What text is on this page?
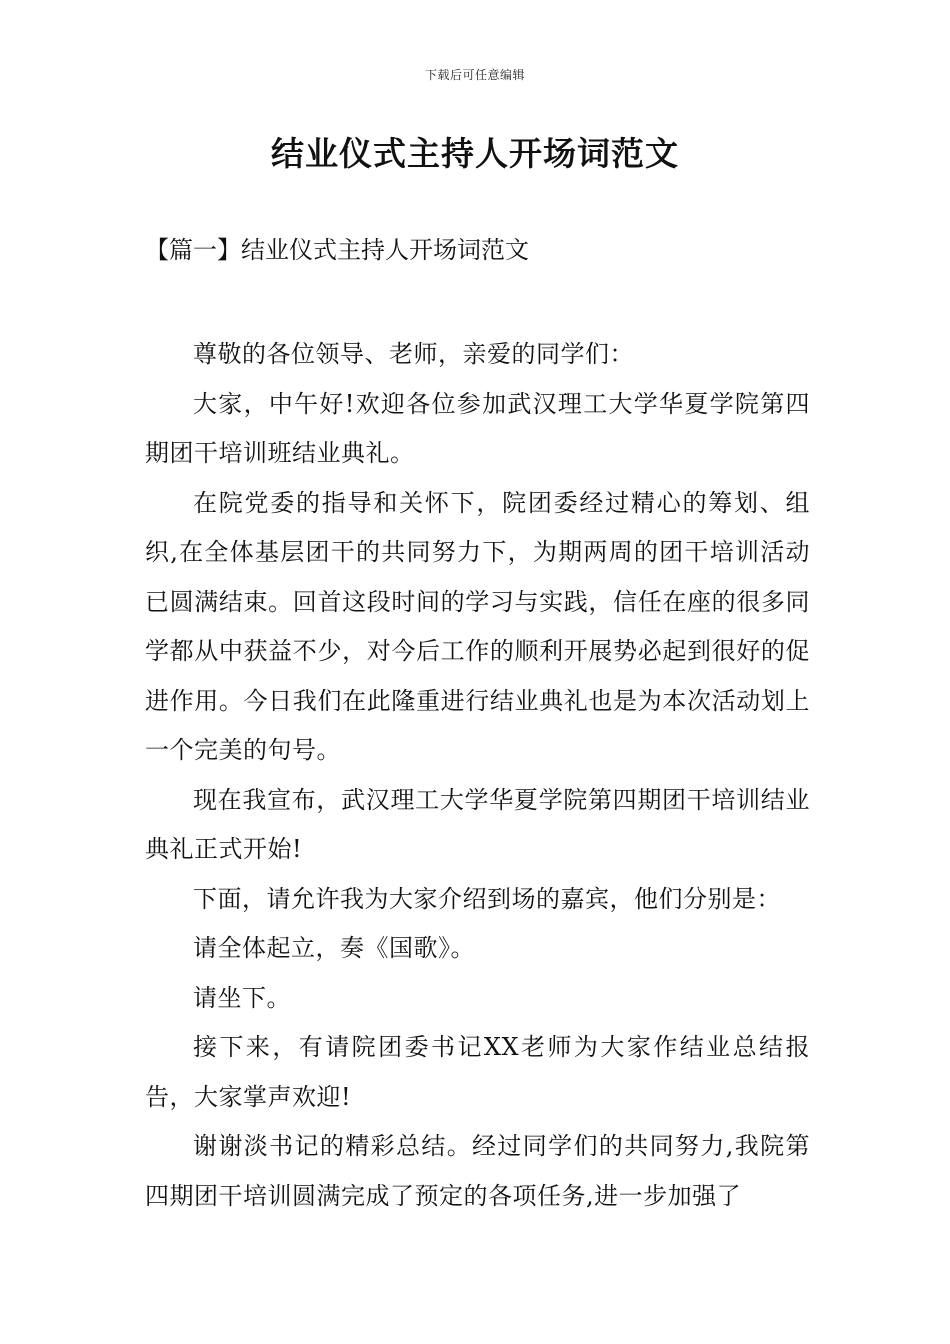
下载后可任意编辑
结业仪式主持人开场词范文
【篇一】结业仪式主持人开场词范文

尊敬的各位领导、老师，亲爱的同学们：

大家，中午好!欢迎各位参加武汉理工大学华夏学院第四期团干培训班结业典礼。

在院党委的指导和关怀下，院团委经过精心的筹划、组织,在全体基层团干的共同努力下，为期两周的团干培训活动已圆满结束。回首这段时间的学习与实践，信任在座的很多同学都从中获益不少，对今后工作的顺利开展势必起到很好的促进作用。今日我们在此隆重进行结业典礼也是为本次活动划上一个完美的句号。

现在我宣布，武汉理工大学华夏学院第四期团干培训结业典礼正式开始!

下面，请允许我为大家介绍到场的嘉宾，他们分别是：

请全体起立，奏《国歌》。

请坐下。

接下来，有请院团委书记XX老师为大家作结业总结报告，大家掌声欢迎!

谢谢淡书记的精彩总结。经过同学们的共同努力,我院第四期团干培训圆满完成了预定的各项任务,进一步加强了
